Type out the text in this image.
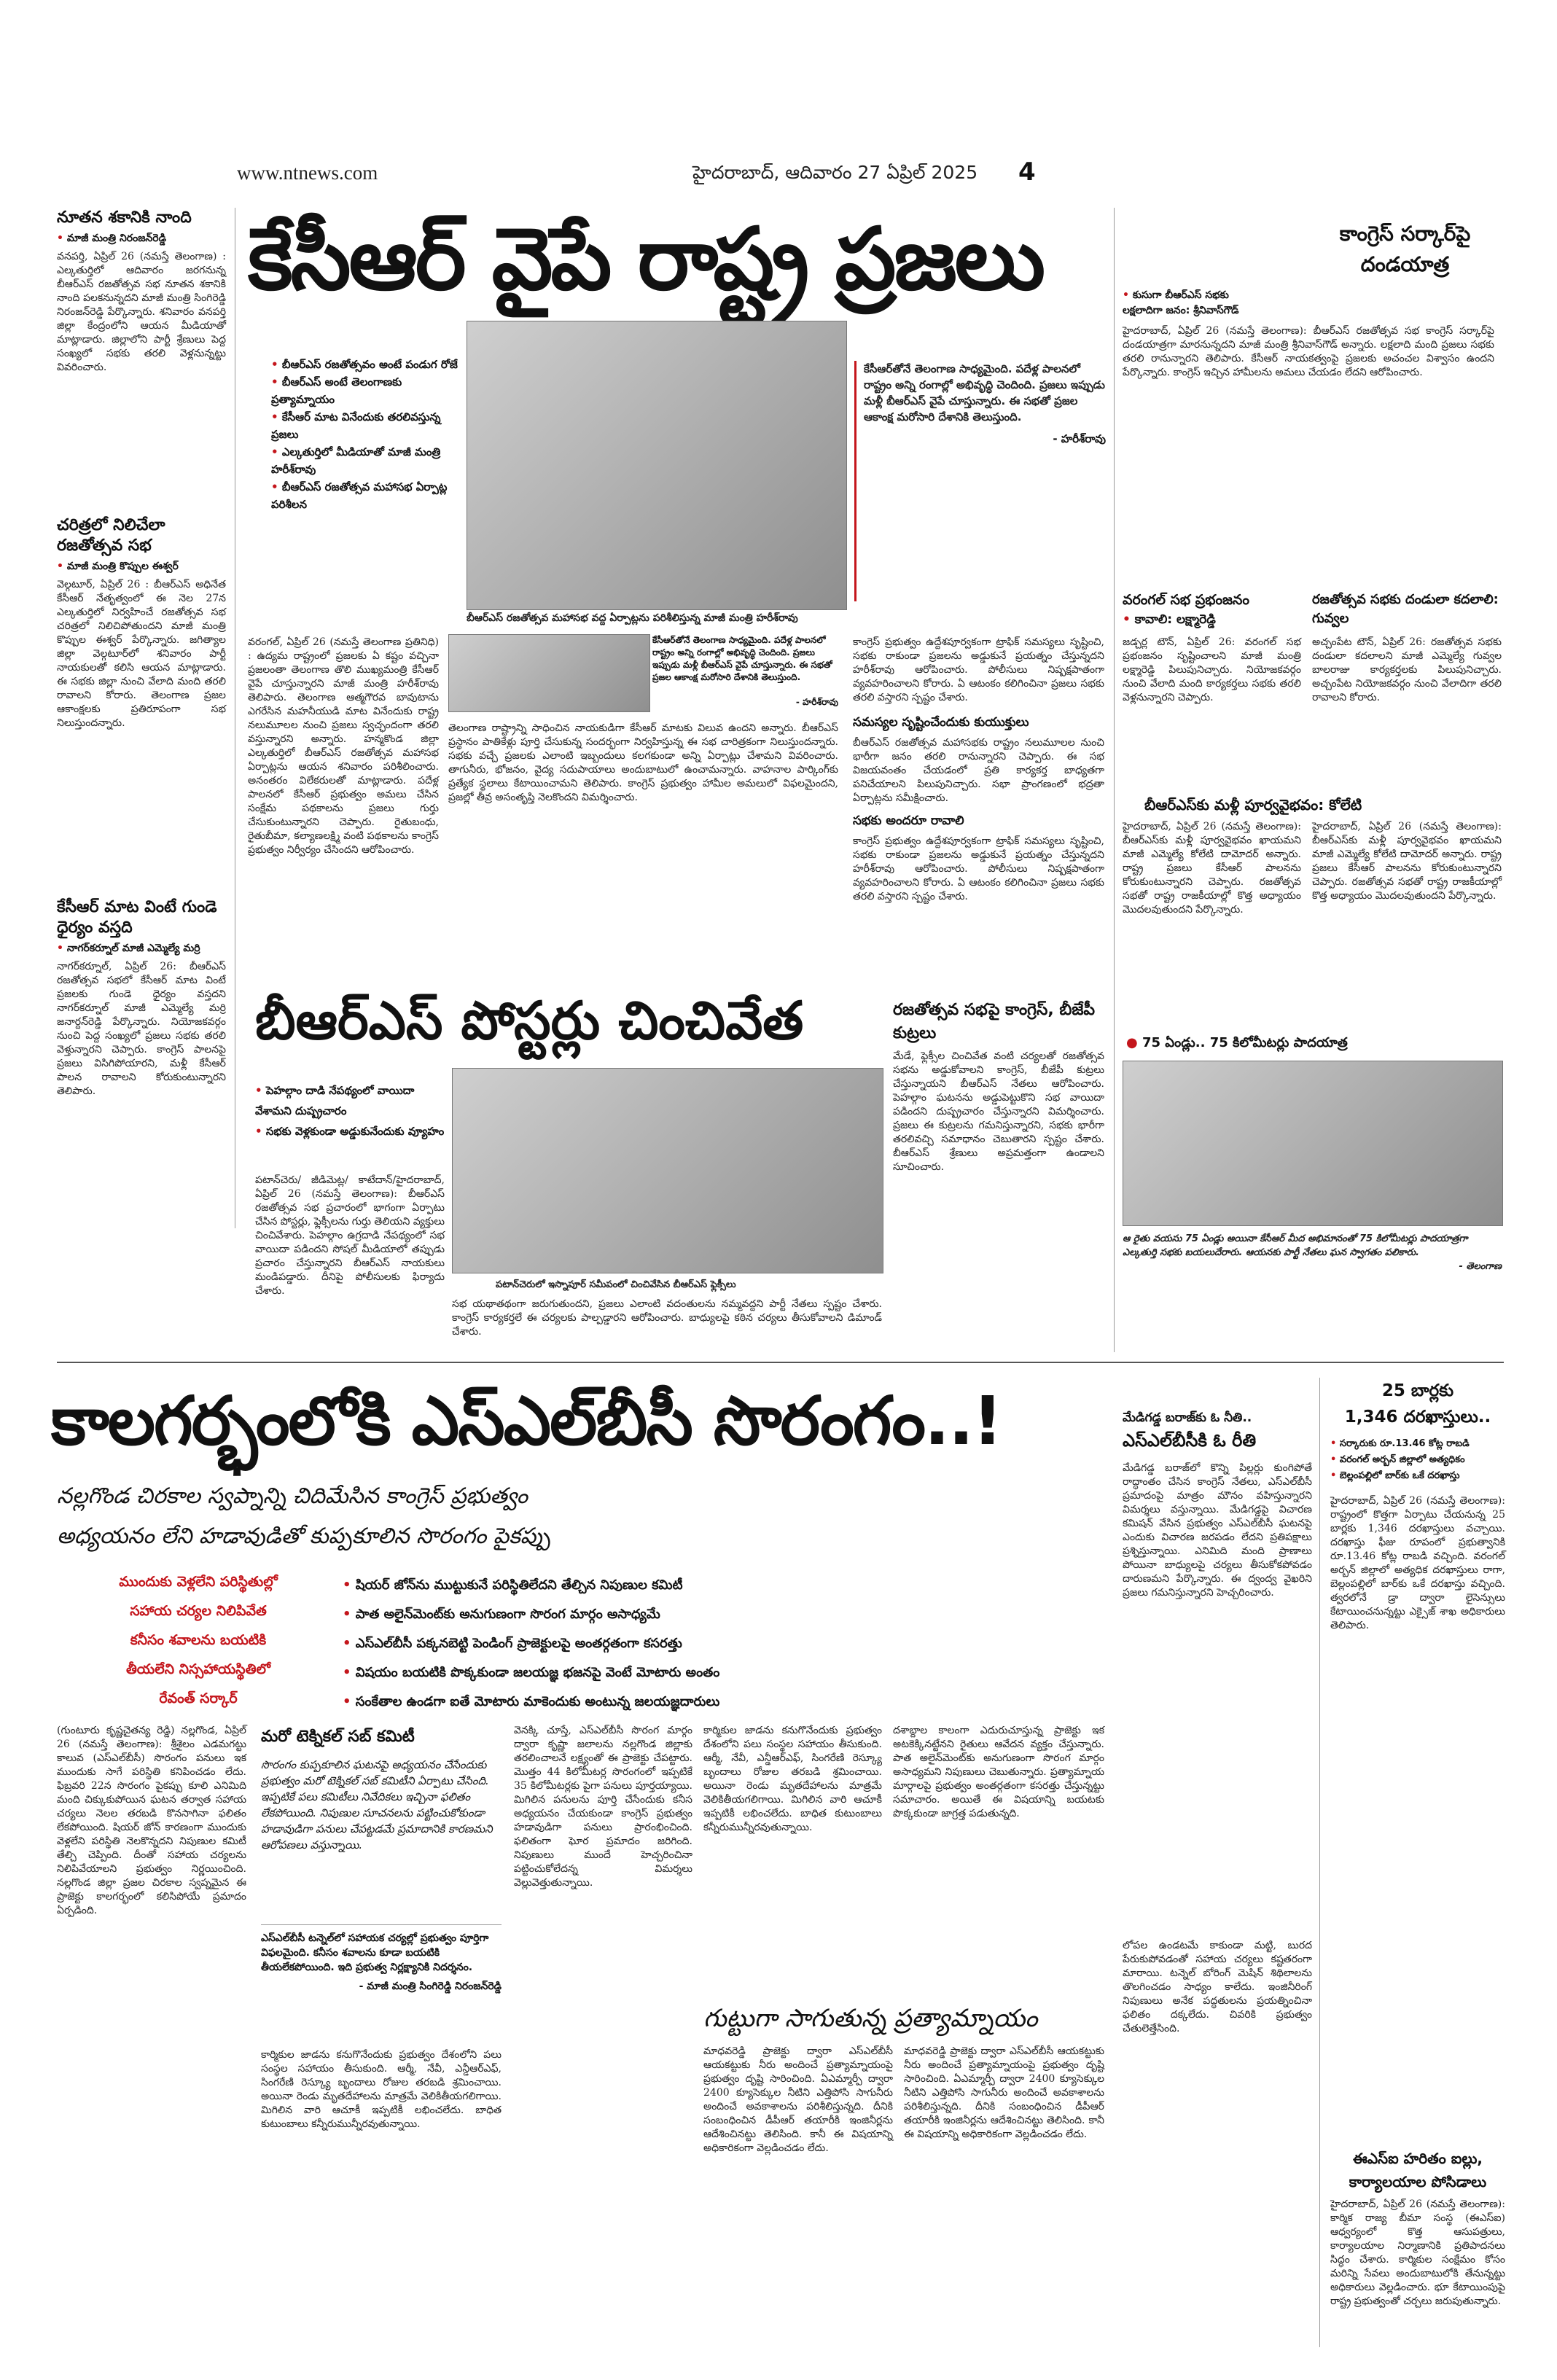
www.ntnews.com	హైదరాబాద్, ఆదివారం 27 ఏప్రిల్ 2025 4
నూతన శకానికి నాంది
• మాజీ మంత్రి నిరంజన్‌రెడ్డి
వనపర్తి, ఏప్రిల్ 26 (నమస్తే తెలంగాణ) : ఎల్కతుర్తిలో ఆదివారం జరగనున్న బీఆర్ఎస్ రజతోత్సవ సభ నూతన శకానికి నాంది పలకనున్నదని మాజీ మంత్రి సింగిరెడ్డి నిరంజన్‌రెడ్డి పేర్కొన్నారు. శనివారం వనపర్తి జిల్లా కేంద్రంలోని ఆయన మీడియాతో మాట్లాడారు. జిల్లాలోని పార్టీ శ్రేణులు పెద్ద సంఖ్యలో సభకు తరలి వెళ్లనున్నట్టు వివరించారు.
చరిత్రలో నిలిచేలా రజతోత్సవ సభ
• మాజీ మంత్రి కొప్పుల ఈశ్వర్
వెల్గటూర్, ఏప్రిల్ 26 : బీఆర్ఎస్ అధినేత కేసీఆర్ నేతృత్వంలో ఈ నెల 27న ఎల్కతుర్తిలో నిర్వహించే రజతోత్సవ సభ చరిత్రలో నిలిచిపోతుందని మాజీ మంత్రి కొప్పుల ఈశ్వర్ పేర్కొన్నారు. జగిత్యాల జిల్లా వెల్గటూర్‌లో శనివారం పార్టీ నాయకులతో కలిసి ఆయన మాట్లాడారు. ఈ సభకు జిల్లా నుంచి వేలాది మంది తరలి రావాలని కోరారు. తెలంగాణ ప్రజల ఆకాంక్షలకు ప్రతిరూపంగా సభ నిలుస్తుందన్నారు.
కేసీఆర్ మాట వింటే గుండె ధైర్యం వస్తది
• నాగర్‌కర్నూల్ మాజీ ఎమ్మెల్యే మర్రి
నాగర్‌కర్నూల్, ఏప్రిల్ 26: బీఆర్ఎస్ రజతోత్సవ సభలో కేసీఆర్ మాట వింటే ప్రజలకు గుండె ధైర్యం వస్తదని నాగర్‌కర్నూల్ మాజీ ఎమ్మెల్యే మర్రి జనార్దన్‌రెడ్డి పేర్కొన్నారు. నియోజకవర్గం నుంచి పెద్ద సంఖ్యలో ప్రజలు సభకు తరలి వెళ్తున్నారని చెప్పారు. కాంగ్రెస్ పాలనపై ప్రజలు విసిగిపోయారని, మళ్లీ కేసీఆర్ పాలన రావాలని కోరుకుంటున్నారని తెలిపారు.
కేసీఆర్ వైపే రాష్ట్ర ప్రజలు
• బీఆర్ఎస్ రజతోత్సవం అంటే పండుగ రోజే
• బీఆర్ఎస్ అంటే తెలంగాణకు ప్రత్యామ్నాయం
• కేసీఆర్ మాట వినేందుకు తరలివస్తున్న ప్రజలు
• ఎల్కతుర్తిలో మీడియాతో మాజీ మంత్రి హరీశ్‌రావు
• బీఆర్ఎస్ రజతోత్సవ మహాసభ ఏర్పాట్ల పరిశీలన
కేసీఆర్‌తోనే తెలంగాణ సాధ్యమైంది. పదేళ్ల పాలనలో రాష్ట్రం అన్ని రంగాల్లో అభివృద్ధి చెందింది. ప్రజలు ఇప్పుడు మళ్లీ బీఆర్ఎస్ వైపే చూస్తున్నారు. ఈ సభతో ప్రజల ఆకాంక్ష మరోసారి దేశానికి తెలుస్తుంది.
- హరీశ్‌రావు
బీఆర్ఎస్ రజతోత్సవ మహాసభ వద్ద ఏర్పాట్లను పరిశీలిస్తున్న మాజీ మంత్రి హరీశ్‌రావు
వరంగల్, ఏప్రిల్ 26 (నమస్తే తెలంగాణ ప్రతినిధి) : ఉద్యమ రాష్ట్రంలో ప్రజలకు ఏ కష్టం వచ్చినా ప్రజలంతా తెలంగాణ తొలి ముఖ్యమంత్రి కేసీఆర్ వైపే చూస్తున్నారని మాజీ మంత్రి హరీశ్‌రావు తెలిపారు. తెలంగాణ ఆత్మగౌరవ బావుటాను ఎగరేసిన మహనీయుడి మాట వినేందుకు రాష్ట్ర నలుమూలల నుంచి ప్రజలు స్వచ్ఛందంగా తరలి వస్తున్నారని అన్నారు. హన్మకొండ జిల్లా ఎల్కతుర్తిలో బీఆర్ఎస్ రజతోత్సవ మహాసభ ఏర్పాట్లను ఆయన శనివారం పరిశీలించారు. అనంతరం విలేకరులతో మాట్లాడారు. పదేళ్ల పాలనలో కేసీఆర్ ప్రభుత్వం అమలు చేసిన సంక్షేమ పథకాలను ప్రజలు గుర్తు చేసుకుంటున్నారని చెప్పారు. రైతుబంధు, రైతుబీమా, కల్యాణలక్ష్మి వంటి పథకాలను కాంగ్రెస్ ప్రభుత్వం నిర్వీర్యం చేసిందని ఆరోపించారు.
కేసీఆర్‌తోనే తెలంగాణ సాధ్యమైంది. పదేళ్ల పాలనలో రాష్ట్రం అన్ని రంగాల్లో అభివృద్ధి చెందింది. ప్రజలు ఇప్పుడు మళ్లీ బీఆర్ఎస్ వైపే చూస్తున్నారు. ఈ సభతో ప్రజల ఆకాంక్ష మరోసారి దేశానికి తెలుస్తుంది.
- హరీశ్‌రావు
తెలంగాణ రాష్ట్రాన్ని సాధించిన నాయకుడిగా కేసీఆర్ మాటకు విలువ ఉందని అన్నారు. బీఆర్ఎస్ ప్రస్థానం పాతికేళ్లు పూర్తి చేసుకున్న సందర్భంగా నిర్వహిస్తున్న ఈ సభ చారిత్రకంగా నిలుస్తుందన్నారు. సభకు వచ్చే ప్రజలకు ఎలాంటి ఇబ్బందులు కలగకుండా అన్ని ఏర్పాట్లు చేశామని వివరించారు. తాగునీరు, భోజనం, వైద్య సదుపాయాలు అందుబాటులో ఉంచామన్నారు. వాహనాల పార్కింగ్‌కు ప్రత్యేక స్థలాలు కేటాయించామని తెలిపారు. కాంగ్రెస్ ప్రభుత్వం హామీల అమలులో విఫలమైందని, ప్రజల్లో తీవ్ర అసంతృప్తి నెలకొందని విమర్శించారు.
కాంగ్రెస్ ప్రభుత్వం ఉద్దేశపూర్వకంగా ట్రాఫిక్ సమస్యలు సృష్టించి, సభకు రాకుండా ప్రజలను అడ్డుకునే ప్రయత్నం చేస్తున్నదని హరీశ్‌రావు ఆరోపించారు. పోలీసులు నిష్పక్షపాతంగా వ్యవహరించాలని కోరారు. ఏ ఆటంకం కలిగించినా ప్రజలు సభకు తరలి వస్తారని స్పష్టం చేశారు.
సమస్యల సృష్టించేందుకు కుయుక్తులు
బీఆర్ఎస్ రజతోత్సవ మహాసభకు రాష్ట్రం నలుమూలల నుంచి భారీగా జనం తరలి రానున్నారని చెప్పారు. ఈ సభ విజయవంతం చేయడంలో ప్రతి కార్యకర్త బాధ్యతగా పనిచేయాలని పిలుపునిచ్చారు. సభా ప్రాంగణంలో భద్రతా ఏర్పాట్లను సమీక్షించారు.
సభకు అందరూ రావాలి
కాంగ్రెస్ ప్రభుత్వం ఉద్దేశపూర్వకంగా ట్రాఫిక్ సమస్యలు సృష్టించి, సభకు రాకుండా ప్రజలను అడ్డుకునే ప్రయత్నం చేస్తున్నదని హరీశ్‌రావు ఆరోపించారు. పోలీసులు నిష్పక్షపాతంగా వ్యవహరించాలని కోరారు. ఏ ఆటంకం కలిగించినా ప్రజలు సభకు తరలి వస్తారని స్పష్టం చేశారు.
బీఆర్ఎస్ పోస్టర్లు చించివేత
• పెహల్గాం దాడి నేపథ్యంలో వాయిదా వేశామని దుష్ప్రచారం
• సభకు వెళ్లకుండా అడ్డుకునేందుకు వ్యూహం
పటాన్‌చెరులో ఇస్నాపూర్ సమీపంలో చించివేసిన బీఆర్ఎస్ ఫ్లెక్సీలు
పటాన్‌చెరు/ జీడిమెట్ల/ కాటేదాన్/హైదరాబాద్, ఏప్రిల్ 26 (నమస్తే తెలంగాణ): బీఆర్ఎస్ రజతోత్సవ సభ ప్రచారంలో భాగంగా ఏర్పాటు చేసిన పోస్టర్లు, ఫ్లెక్సీలను గుర్తు తెలియని వ్యక్తులు చించివేశారు. పెహల్గాం ఉగ్రదాడి నేపథ్యంలో సభ వాయిదా పడిందని సోషల్ మీడియాలో తప్పుడు ప్రచారం చేస్తున్నారని బీఆర్ఎస్ నాయకులు మండిపడ్డారు. దీనిపై పోలీసులకు ఫిర్యాదు చేశారు.
సభ యథాతథంగా జరుగుతుందని, ప్రజలు ఎలాంటి వదంతులను నమ్మవద్దని పార్టీ నేతలు స్పష్టం చేశారు. కాంగ్రెస్ కార్యకర్తలే ఈ చర్యలకు పాల్పడ్డారని ఆరోపించారు. బాధ్యులపై కఠిన చర్యలు తీసుకోవాలని డిమాండ్ చేశారు.
రజతోత్సవ సభపై కాంగ్రెస్, బీజేపీ కుట్రలు
మేడే, ఫ్లెక్సీల చించివేత వంటి చర్యలతో రజతోత్సవ సభను అడ్డుకోవాలని కాంగ్రెస్, బీజేపీ కుట్రలు చేస్తున్నాయని బీఆర్ఎస్ నేతలు ఆరోపించారు. పెహల్గాం ఘటనను అడ్డుపెట్టుకొని సభ వాయిదా పడిందని దుష్ప్రచారం చేస్తున్నారని విమర్శించారు. ప్రజలు ఈ కుట్రలను గమనిస్తున్నారని, సభకు భారీగా తరలివచ్చి సమాధానం చెబుతారని స్పష్టం చేశారు. బీఆర్ఎస్ శ్రేణులు అప్రమత్తంగా ఉండాలని సూచించారు.
కాంగ్రెస్ సర్కార్‌పై దండయాత్ర
• కుసుగా బీఆర్ఎస్ సభకు
లక్షలాదిగా జనం: శ్రీనివాస్‌గౌడ్
హైదరాబాద్, ఏప్రిల్ 26 (నమస్తే తెలంగాణ): బీఆర్ఎస్ రజతోత్సవ సభ కాంగ్రెస్ సర్కార్‌పై దండయాత్రగా మారనున్నదని మాజీ మంత్రి శ్రీనివాస్‌గౌడ్ అన్నారు. లక్షలాది మంది ప్రజలు సభకు తరలి రానున్నారని తెలిపారు. కేసీఆర్ నాయకత్వంపై ప్రజలకు అచంచల విశ్వాసం ఉందని పేర్కొన్నారు. కాంగ్రెస్ ఇచ్చిన హామీలను అమలు చేయడం లేదని ఆరోపించారు.
వరంగల్ సభ ప్రభంజనం
• కావాలి: లక్ష్మారెడ్డి
జడ్చర్ల టౌన్, ఏప్రిల్ 26: వరంగల్ సభ ప్రభంజనం సృష్టించాలని మాజీ మంత్రి లక్ష్మారెడ్డి పిలుపునిచ్చారు. నియోజకవర్గం నుంచి వేలాది మంది కార్యకర్తలు సభకు తరలి వెళ్లనున్నారని చెప్పారు.
రజతోత్సవ సభకు దండులా కదలాలి: గువ్వల
అచ్చంపేట టౌన్, ఏప్రిల్ 26: రజతోత్సవ సభకు దండులా కదలాలని మాజీ ఎమ్మెల్యే గువ్వల బాలరాజు కార్యకర్తలకు పిలుపునిచ్చారు. అచ్చంపేట నియోజకవర్గం నుంచి వేలాదిగా తరలి రావాలని కోరారు.
బీఆర్ఎస్‌కు మళ్లీ పూర్వవైభవం: కోలేటి
హైదరాబాద్, ఏప్రిల్ 26 (నమస్తే తెలంగాణ): బీఆర్ఎస్‌కు మళ్లీ పూర్వవైభవం ఖాయమని మాజీ ఎమ్మెల్యే కోలేటి దామోదర్ అన్నారు. రాష్ట్ర ప్రజలు కేసీఆర్ పాలనను కోరుకుంటున్నారని చెప్పారు. రజతోత్సవ సభతో రాష్ట్ర రాజకీయాల్లో కొత్త అధ్యాయం మొదలవుతుందని పేర్కొన్నారు.
హైదరాబాద్, ఏప్రిల్ 26 (నమస్తే తెలంగాణ): బీఆర్ఎస్‌కు మళ్లీ పూర్వవైభవం ఖాయమని మాజీ ఎమ్మెల్యే కోలేటి దామోదర్ అన్నారు. రాష్ట్ర ప్రజలు కేసీఆర్ పాలనను కోరుకుంటున్నారని చెప్పారు. రజతోత్సవ సభతో రాష్ట్ర రాజకీయాల్లో కొత్త అధ్యాయం మొదలవుతుందని పేర్కొన్నారు.
● 75 ఏండ్లు.. 75 కిలోమీటర్లు పాదయాత్ర
ఆ రైతు వయసు 75 ఏండ్లు అయినా కేసీఆర్ మీద అభిమానంతో 75 కిలోమీటర్లు పాదయాత్రగా ఎల్కతుర్తి సభకు బయలుదేరారు. ఆయనకు పార్టీ నేతలు ఘన స్వాగతం పలికారు.
- తెలంగాణ
కాలగర్భంలోకి ఎస్ఎల్‌బీసీ సొరంగం..!
నల్లగొండ చిరకాల స్వప్నాన్ని చిదిమేసిన కాంగ్రెస్ ప్రభుత్వం
అధ్యయనం లేని హడావుడితో కుప్పకూలిన సొరంగం పైకప్పు
ముందుకు వెళ్లలేని పరిస్థితుల్లో
సహాయ చర్యల నిలిపివేత
కనీసం శవాలను బయటికి
తీయలేని నిస్సహాయస్థితిలో
రేవంత్ సర్కార్
• షియర్ జోన్‌ను ముట్టుకునే పరిస్థితిలేదని తేల్చిన నిపుణుల కమిటీ
• పాత అలైన్‌మెంట్‌కు అనుగుణంగా సొరంగ మార్గం అసాధ్యమే
• ఎస్ఎల్‌బీసీ పక్కనబెట్టి పెండింగ్ ప్రాజెక్టులపై అంతర్గతంగా కసరత్తు
• విషయం బయటికి పొక్కకుండా జలయజ్ఞ భజనపై వెంటే మోటారు అంతం
• సంకేతాల ఉండగా ఐతే మోటారు మాకెందుకు అంటున్న జలయజ్ఞదారులు
(గుంటూరు కృష్ణచైతన్య రెడ్డి) నల్లగొండ, ఏప్రిల్ 26 (నమస్తే తెలంగాణ): శ్రీశైలం ఎడమగట్టు కాలువ (ఎస్ఎల్‌బీసీ) సొరంగం పనులు ఇక ముందుకు సాగే పరిస్థితి కనిపించడం లేదు. ఫిబ్రవరి 22న సొరంగం పైకప్పు కూలి ఎనిమిది మంది చిక్కుకుపోయిన ఘటన తర్వాత సహాయ చర్యలు నెలల తరబడి కొనసాగినా ఫలితం లేకపోయింది. షియర్ జోన్ కారణంగా ముందుకు వెళ్లలేని పరిస్థితి నెలకొన్నదని నిపుణుల కమిటీ తేల్చి చెప్పింది. దీంతో సహాయ చర్యలను నిలిపివేయాలని ప్రభుత్వం నిర్ణయించింది. నల్లగొండ జిల్లా ప్రజల చిరకాల స్వప్నమైన ఈ ప్రాజెక్టు కాలగర్భంలో కలిసిపోయే ప్రమాదం ఏర్పడింది.
మరో టెక్నికల్ సబ్ కమిటీ
సొరంగం కుప్పకూలిన ఘటనపై అధ్యయనం చేసేందుకు ప్రభుత్వం మరో టెక్నికల్ సబ్ కమిటీని ఏర్పాటు చేసింది. ఇప్పటికే పలు కమిటీలు నివేదికలు ఇచ్చినా ఫలితం లేకపోయింది. నిపుణుల సూచనలను పట్టించుకోకుండా హడావుడిగా పనులు చేపట్టడమే ప్రమాదానికి కారణమని ఆరోపణలు వస్తున్నాయి.
ఎస్ఎల్‌బీసీ టన్నెల్‌లో సహాయక చర్యల్లో ప్రభుత్వం పూర్తిగా విఫలమైంది. కనీసం శవాలను కూడా బయటికి తీయలేకపోయింది. ఇది ప్రభుత్వ నిర్లక్ష్యానికి నిదర్శనం.
- మాజీ మంత్రి సింగిరెడ్డి నిరంజన్‌రెడ్డి
కార్మికుల జాడను కనుగొనేందుకు ప్రభుత్వం దేశంలోని పలు సంస్థల సహాయం తీసుకుంది. ఆర్మీ, నేవీ, ఎన్డీఆర్ఎఫ్, సింగరేణి రెస్క్యూ బృందాలు రోజుల తరబడి శ్రమించాయి. అయినా రెండు మృతదేహాలను మాత్రమే వెలికితీయగలిగాయి. మిగిలిన వారి ఆచూకీ ఇప్పటికీ లభించలేదు. బాధిత కుటుంబాలు కన్నీరుమున్నీరవుతున్నాయి.
వెనక్కి చూస్తే, ఎస్ఎల్‌బీసీ సొరంగ మార్గం ద్వారా కృష్ణా జలాలను నల్లగొండ జిల్లాకు తరలించాలనే లక్ష్యంతో ఈ ప్రాజెక్టు చేపట్టారు. మొత్తం 44 కిలోమీటర్ల సొరంగంలో ఇప్పటికే 35 కిలోమీటర్లకు పైగా పనులు పూర్తయ్యాయి. మిగిలిన పనులను పూర్తి చేసేందుకు కనీస అధ్యయనం చేయకుండా కాంగ్రెస్ ప్రభుత్వం హడావుడిగా పనులు ప్రారంభించింది. ఫలితంగా ఘోర ప్రమాదం జరిగింది. నిపుణులు ముందే హెచ్చరించినా పట్టించుకోలేదన్న విమర్శలు వెల్లువెత్తుతున్నాయి.
కార్మికుల జాడను కనుగొనేందుకు ప్రభుత్వం దేశంలోని పలు సంస్థల సహాయం తీసుకుంది. ఆర్మీ, నేవీ, ఎన్డీఆర్ఎఫ్, సింగరేణి రెస్క్యూ బృందాలు రోజుల తరబడి శ్రమించాయి. అయినా రెండు మృతదేహాలను మాత్రమే వెలికితీయగలిగాయి. మిగిలిన వారి ఆచూకీ ఇప్పటికీ లభించలేదు. బాధిత కుటుంబాలు కన్నీరుమున్నీరవుతున్నాయి.
దశాబ్దాల కాలంగా ఎదురుచూస్తున్న ప్రాజెక్టు ఇక అటకెక్కినట్టేనని రైతులు ఆవేదన వ్యక్తం చేస్తున్నారు. పాత అలైన్‌మెంట్‌కు అనుగుణంగా సొరంగ మార్గం అసాధ్యమని నిపుణులు చెబుతున్నారు. ప్రత్యామ్నాయ మార్గాలపై ప్రభుత్వం అంతర్గతంగా కసరత్తు చేస్తున్నట్టు సమాచారం. అయితే ఈ విషయాన్ని బయటకు పొక్కకుండా జాగ్రత్త పడుతున్నది.
గుట్టుగా సాగుతున్న ప్రత్యామ్నాయం
మాధవరెడ్డి ప్రాజెక్టు ద్వారా ఎస్ఎల్‌బీసీ ఆయకట్టుకు నీరు అందించే ప్రత్యామ్నాయంపై ప్రభుత్వం దృష్టి సారించింది. ఏఎమ్మార్పీ ద్వారా 2400 క్యూసెక్కుల నీటిని ఎత్తిపోసి సాగునీరు అందించే అవకాశాలను పరిశీలిస్తున్నది. దీనికి సంబంధించిన డీపీఆర్ తయారీకి ఇంజినీర్లను ఆదేశించినట్టు తెలిసింది. కానీ ఈ విషయాన్ని అధికారికంగా వెల్లడించడం లేదు.
మాధవరెడ్డి ప్రాజెక్టు ద్వారా ఎస్ఎల్‌బీసీ ఆయకట్టుకు నీరు అందించే ప్రత్యామ్నాయంపై ప్రభుత్వం దృష్టి సారించింది. ఏఎమ్మార్పీ ద్వారా 2400 క్యూసెక్కుల నీటిని ఎత్తిపోసి సాగునీరు అందించే అవకాశాలను పరిశీలిస్తున్నది. దీనికి సంబంధించిన డీపీఆర్ తయారీకి ఇంజినీర్లను ఆదేశించినట్టు తెలిసింది. కానీ ఈ విషయాన్ని అధికారికంగా వెల్లడించడం లేదు.
మేడిగడ్డ బరాజ్‌కు ఓ నీతి..
ఎస్ఎల్‌బీసీకి ఓ రీతి
మేడిగడ్డ బరాజ్‌లో కొన్ని పిల్లర్లు కుంగిపోతే రాద్ధాంతం చేసిన కాంగ్రెస్ నేతలు, ఎస్ఎల్‌బీసీ ప్రమాదంపై మాత్రం మౌనం వహిస్తున్నారని విమర్శలు వస్తున్నాయి. మేడిగడ్డపై విచారణ కమిషన్ వేసిన ప్రభుత్వం ఎస్ఎల్‌బీసీ ఘటనపై ఎందుకు విచారణ జరపడం లేదని ప్రతిపక్షాలు ప్రశ్నిస్తున్నాయి. ఎనిమిది మంది ప్రాణాలు పోయినా బాధ్యులపై చర్యలు తీసుకోకపోవడం దారుణమని పేర్కొన్నారు. ఈ ద్వంద్వ వైఖరిని ప్రజలు గమనిస్తున్నారని హెచ్చరించారు.
లోపల ఉండటమే కాకుండా మట్టి, బురద పేరుకుపోవడంతో సహాయ చర్యలు కష్టతరంగా మారాయి. టన్నెల్ బోరింగ్ మెషిన్ శిథిలాలను తొలగించడం సాధ్యం కాలేదు. ఇంజినీరింగ్ నిపుణులు అనేక పద్ధతులను ప్రయత్నించినా ఫలితం దక్కలేదు. చివరికి ప్రభుత్వం చేతులెత్తేసింది.
25 బార్లకు
1,346 దరఖాస్తులు..
• సర్కారుకు రూ.13.46 కోట్ల రాబడి
• వరంగల్ అర్బన్ జిల్లాలో అత్యధికం
• బెల్లంపల్లిలో బార్‌కు ఒకే దరఖాస్తు
హైదరాబాద్, ఏప్రిల్ 26 (నమస్తే తెలంగాణ): రాష్ట్రంలో కొత్తగా ఏర్పాటు చేయనున్న 25 బార్లకు 1,346 దరఖాస్తులు వచ్చాయి. దరఖాస్తు ఫీజు రూపంలో ప్రభుత్వానికి రూ.13.46 కోట్ల రాబడి వచ్చింది. వరంగల్ అర్బన్ జిల్లాలో అత్యధిక దరఖాస్తులు రాగా, బెల్లంపల్లిలో బార్‌కు ఒకే దరఖాస్తు వచ్చింది. త్వరలోనే డ్రా ద్వారా లైసెన్సులు కేటాయించనున్నట్టు ఎక్సైజ్ శాఖ అధికారులు తెలిపారు.
ఈఎస్ఐ హరితం ఐల్లు,
కార్యాలయాల పోసిడాలు
హైదరాబాద్, ఏప్రిల్ 26 (నమస్తే తెలంగాణ): కార్మిక రాజ్య బీమా సంస్థ (ఈఎస్ఐ) ఆధ్వర్యంలో కొత్త ఆసుపత్రులు, కార్యాలయాల నిర్మాణానికి ప్రతిపాదనలు సిద్ధం చేశారు. కార్మికుల సంక్షేమం కోసం మరిన్ని సేవలు అందుబాటులోకి తేనున్నట్టు అధికారులు వెల్లడించారు. భూ కేటాయింపుపై రాష్ట్ర ప్రభుత్వంతో చర్చలు జరుపుతున్నారు.
